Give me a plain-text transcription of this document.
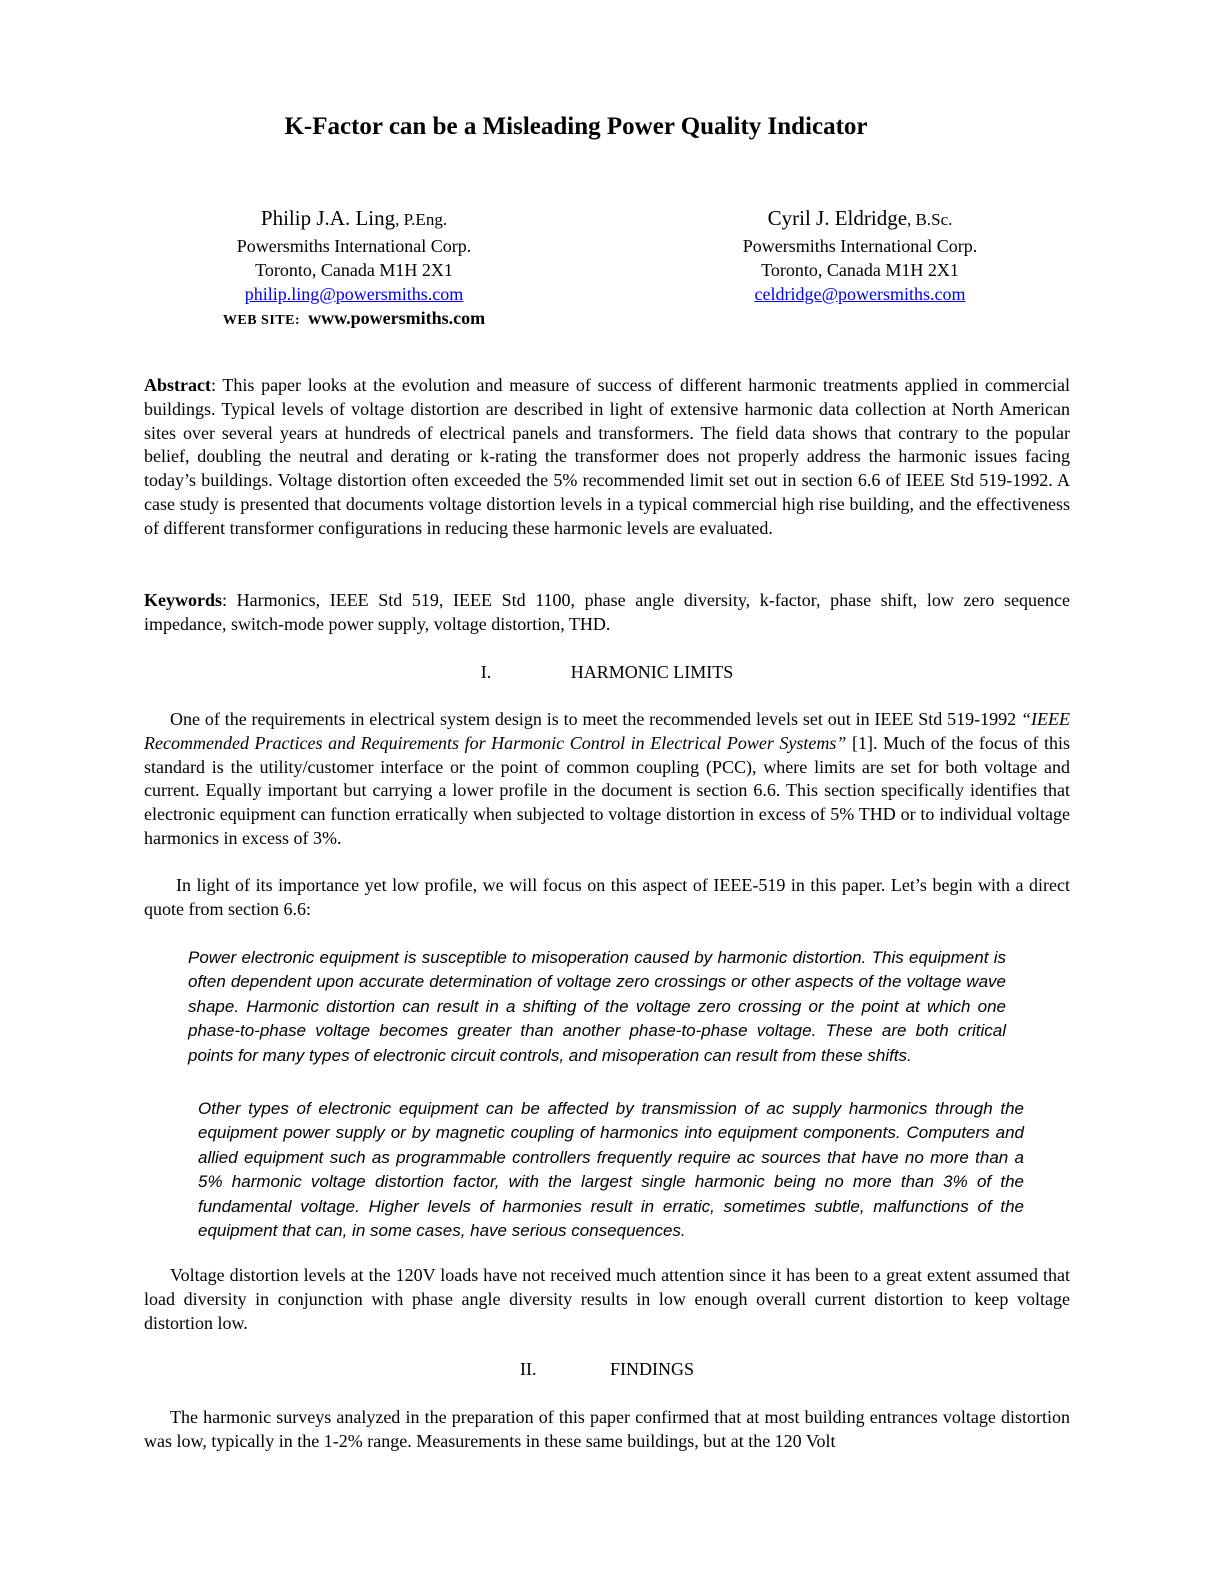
K-Factor can be a Misleading Power Quality Indicator
Philip J.A. Ling, P.Eng.
Powersmiths International Corp.
Toronto, Canada M1H 2X1
philip.ling@powersmiths.com
WEB SITE: www.powersmiths.com
Cyril J. Eldridge, B.Sc.
Powersmiths International Corp.
Toronto, Canada M1H 2X1
celdridge@powersmiths.com

Abstract: This paper looks at the evolution and measure of success of different harmonic treatments applied in commercial buildings. Typical levels of voltage distortion are described in light of extensive harmonic data collection at North American sites over several years at hundreds of electrical panels and transformers. The field data shows that contrary to the popular belief, doubling the neutral and derating or k-rating the transformer does not properly address the harmonic issues facing today’s buildings. Voltage distortion often exceeded the 5% recommended limit set out in section 6.6 of IEEE Std 519-1992. A case study is presented that documents voltage distortion levels in a typical commercial high rise building, and the effectiveness of different transformer configurations in reducing these harmonic levels are evaluated.

Keywords: Harmonics, IEEE Std 519, IEEE Std 1100, phase angle diversity, k-factor, phase shift, low zero sequence impedance, switch-mode power supply, voltage distortion, THD.

I.	HARMONIC LIMITS

One of the requirements in electrical system design is to meet the recommended levels set out in IEEE Std 519-1992 “IEEE Recommended Practices and Requirements for Harmonic Control in Electrical Power Systems” [1]. Much of the focus of this standard is the utility/customer interface or the point of common coupling (PCC), where limits are set for both voltage and current. Equally important but carrying a lower profile in the document is section 6.6. This section specifically identifies that electronic equipment can function erratically when subjected to voltage distortion in excess of 5% THD or to individual voltage harmonics in excess of 3%.

In light of its importance yet low profile, we will focus on this aspect of IEEE-519 in this paper. Let’s begin with a direct quote from section 6.6:

Power electronic equipment is susceptible to misoperation caused by harmonic distortion. This equipment is often dependent upon accurate determination of voltage zero crossings or other aspects of the voltage wave shape. Harmonic distortion can result in a shifting of the voltage zero crossing or the point at which one phase-to-phase voltage becomes greater than another phase-to-phase voltage. These are both critical points for many types of electronic circuit controls, and misoperation can result from these shifts.

Other types of electronic equipment can be affected by transmission of ac supply harmonics through the equipment power supply or by magnetic coupling of harmonics into equipment components. Computers and allied equipment such as programmable controllers frequently require ac sources that have no more than a 5% harmonic voltage distortion factor, with the largest single harmonic being no more than 3% of the fundamental voltage. Higher levels of harmonies result in erratic, sometimes subtle, malfunctions of the equipment that can, in some cases, have serious consequences.

Voltage distortion levels at the 120V loads have not received much attention since it has been to a great extent assumed that load diversity in conjunction with phase angle diversity results in low enough overall current distortion to keep voltage distortion low.

II.	FINDINGS

The harmonic surveys analyzed in the preparation of this paper confirmed that at most building entrances voltage distortion was low, typically in the 1-2% range. Measurements in these same buildings, but at the 120 Volt
